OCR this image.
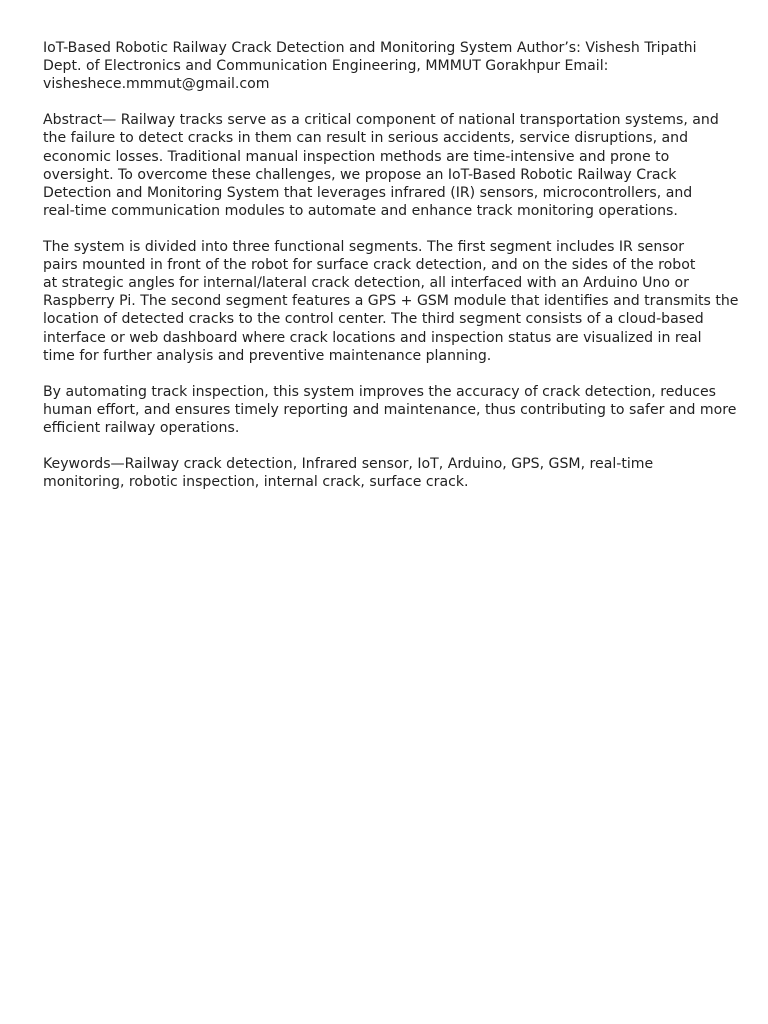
IoT-Based Robotic Railway Crack Detection and Monitoring System Author’s: Vishesh Tripathi
Dept. of Electronics and Communication Engineering, MMMUT Gorakhpur Email:
visheshece.mmmut@gmail.com

Abstract— Railway tracks serve as a critical component of national transportation systems, and
the failure to detect cracks in them can result in serious accidents, service disruptions, and
economic losses. Traditional manual inspection methods are time-intensive and prone to
oversight. To overcome these challenges, we propose an IoT-Based Robotic Railway Crack
Detection and Monitoring System that leverages infrared (IR) sensors, microcontrollers, and
real-time communication modules to automate and enhance track monitoring operations.

The system is divided into three functional segments. The first segment includes IR sensor
pairs mounted in front of the robot for surface crack detection, and on the sides of the robot
at strategic angles for internal/lateral crack detection, all interfaced with an Arduino Uno or
Raspberry Pi. The second segment features a GPS + GSM module that identifies and transmits the
location of detected cracks to the control center. The third segment consists of a cloud-based
interface or web dashboard where crack locations and inspection status are visualized in real
time for further analysis and preventive maintenance planning.

By automating track inspection, this system improves the accuracy of crack detection, reduces
human effort, and ensures timely reporting and maintenance, thus contributing to safer and more
efficient railway operations.

Keywords—Railway crack detection, Infrared sensor, IoT, Arduino, GPS, GSM, real-time
monitoring, robotic inspection, internal crack, surface crack.
